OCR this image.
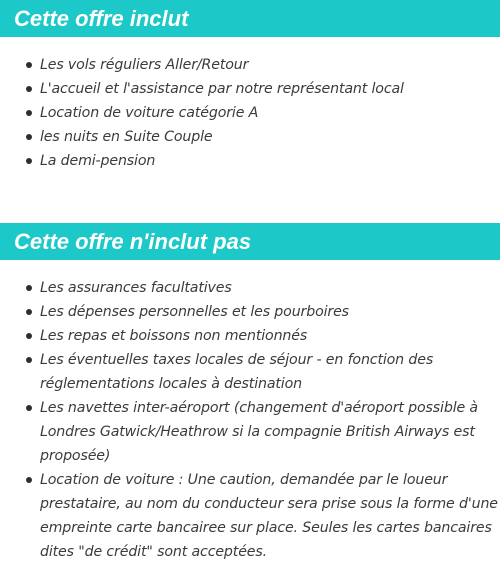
Cette offre inclut
Les vols réguliers Aller/Retour
L'accueil et l'assistance par notre représentant local
Location de voiture catégorie A
les nuits en Suite Couple
La demi-pension
Cette offre n'inclut pas
Les assurances facultatives
Les dépenses personnelles et les pourboires
Les repas et boissons non mentionnés
Les éventuelles taxes locales de séjour - en fonction des réglementations locales à destination
Les navettes inter-aéroport (changement d'aéroport possible à Londres Gatwick/Heathrow si la compagnie British Airways est proposée)
Location de voiture : Une caution, demandée par le loueur prestataire, au nom du conducteur sera prise sous la forme d'une empreinte carte bancairee sur place. Seules les cartes bancaires dites "de crédit" sont acceptées.
